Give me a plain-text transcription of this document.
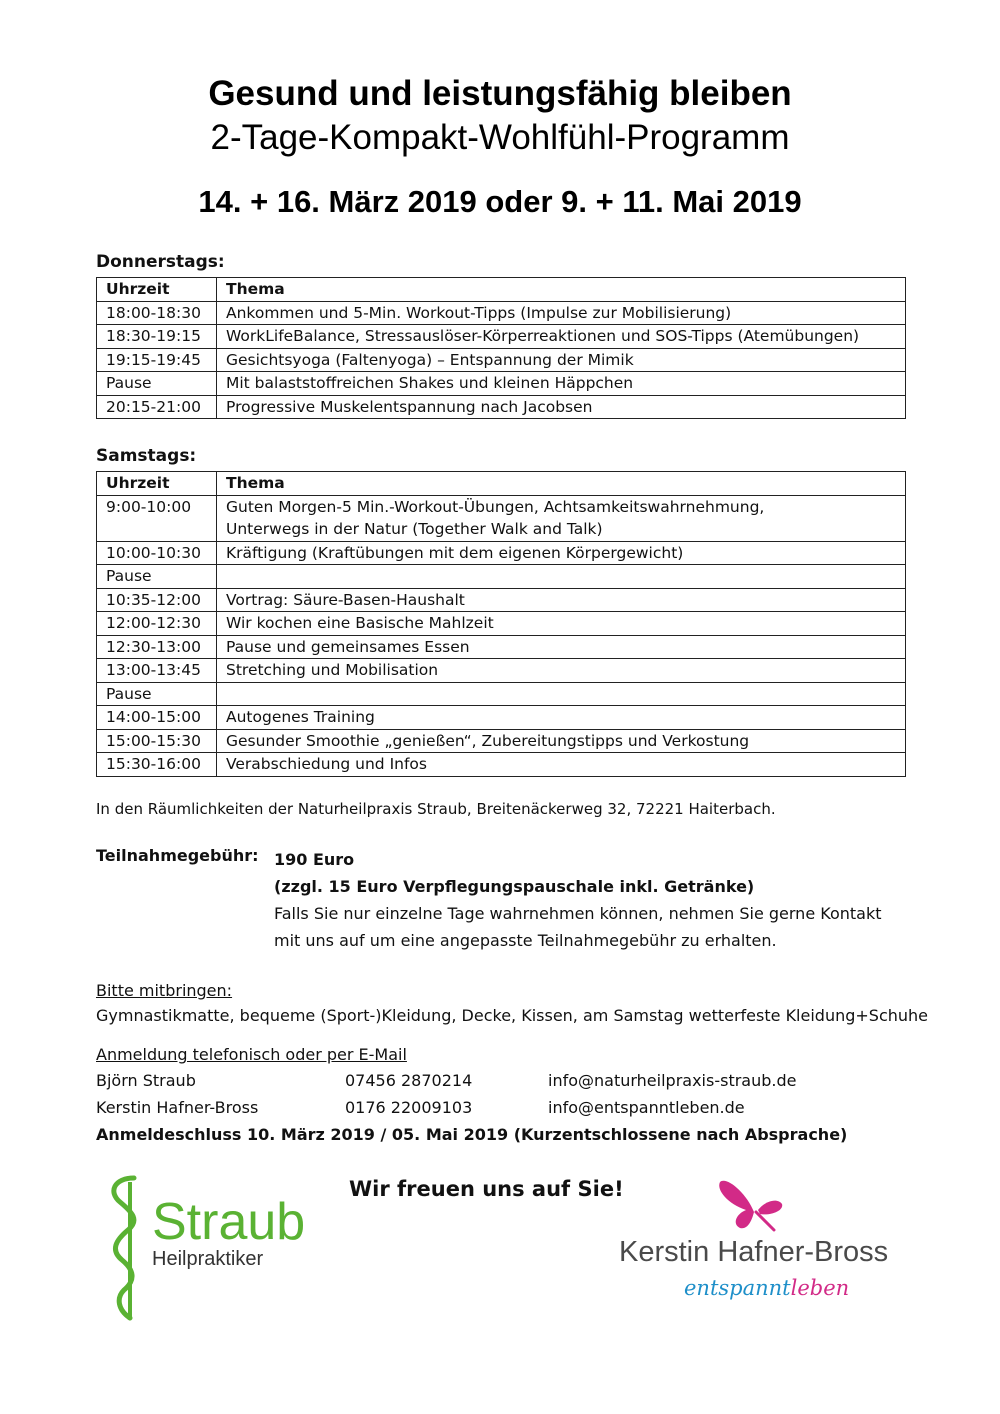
Gesund und leistungsfähig bleiben
2-Tage-Kompakt-Wohlfühl-Programm
14. + 16. März 2019 oder 9. + 11. Mai 2019
Donnerstags:
Uhrzeit	Thema
18:00-18:30	Ankommen und 5-Min. Workout-Tipps (Impulse zur Mobilisierung)
18:30-19:15	WorkLifeBalance, Stressauslöser-Körperreaktionen und SOS-Tipps (Atemübungen)
19:15-19:45	Gesichtsyoga (Faltenyoga) – Entspannung der Mimik
Pause	Mit balaststoffreichen Shakes und kleinen Häppchen
20:15-21:00	Progressive Muskelentspannung nach Jacobsen
Samstags:
Uhrzeit	Thema
9:00-10:00	Guten Morgen-5 Min.-Workout-Übungen, Achtsamkeitswahrnehmung,
Unterwegs in der Natur (Together Walk and Talk)

10:00-10:30	Kräftigung (Kraftübungen mit dem eigenen Körpergewicht)
Pause	
10:35-12:00	Vortrag: Säure-Basen-Haushalt
12:00-12:30	Wir kochen eine Basische Mahlzeit
12:30-13:00	Pause und gemeinsames Essen
13:00-13:45	Stretching und Mobilisation
Pause	
14:00-15:00	Autogenes Training
15:00-15:30	Gesunder Smoothie „genießen“, Zubereitungstipps und Verkostung
15:30-16:00	Verabschiedung und Infos
In den Räumlichkeiten der Naturheilpraxis Straub, Breitenäckerweg 32, 72221 Haiterbach.
Teilnahmegebühr: 190 Euro
(zzgl. 15 Euro Verpflegungspauschale inkl. Getränke)
Falls Sie nur einzelne Tage wahrnehmen können, nehmen Sie gerne Kontakt
mit uns auf um eine angepasste Teilnahmegebühr zu erhalten.
Bitte mitbringen:
Gymnastikmatte, bequeme (Sport-)Kleidung, Decke, Kissen, am Samstag wetterfeste Kleidung+Schuhe
Anmeldung telefonisch oder per E-Mail
Björn Straub	07456 2870214	info@naturheilpraxis-straub.de
Kerstin Hafner-Bross	0176 22009103	info@entspanntleben.de
Anmeldeschluss 10. März 2019 / 05. Mai 2019 (Kurzentschlossene nach Absprache)
Wir freuen uns auf Sie!
Straub
Heilpraktiker	Kerstin Hafner-Bross
entspanntleben
